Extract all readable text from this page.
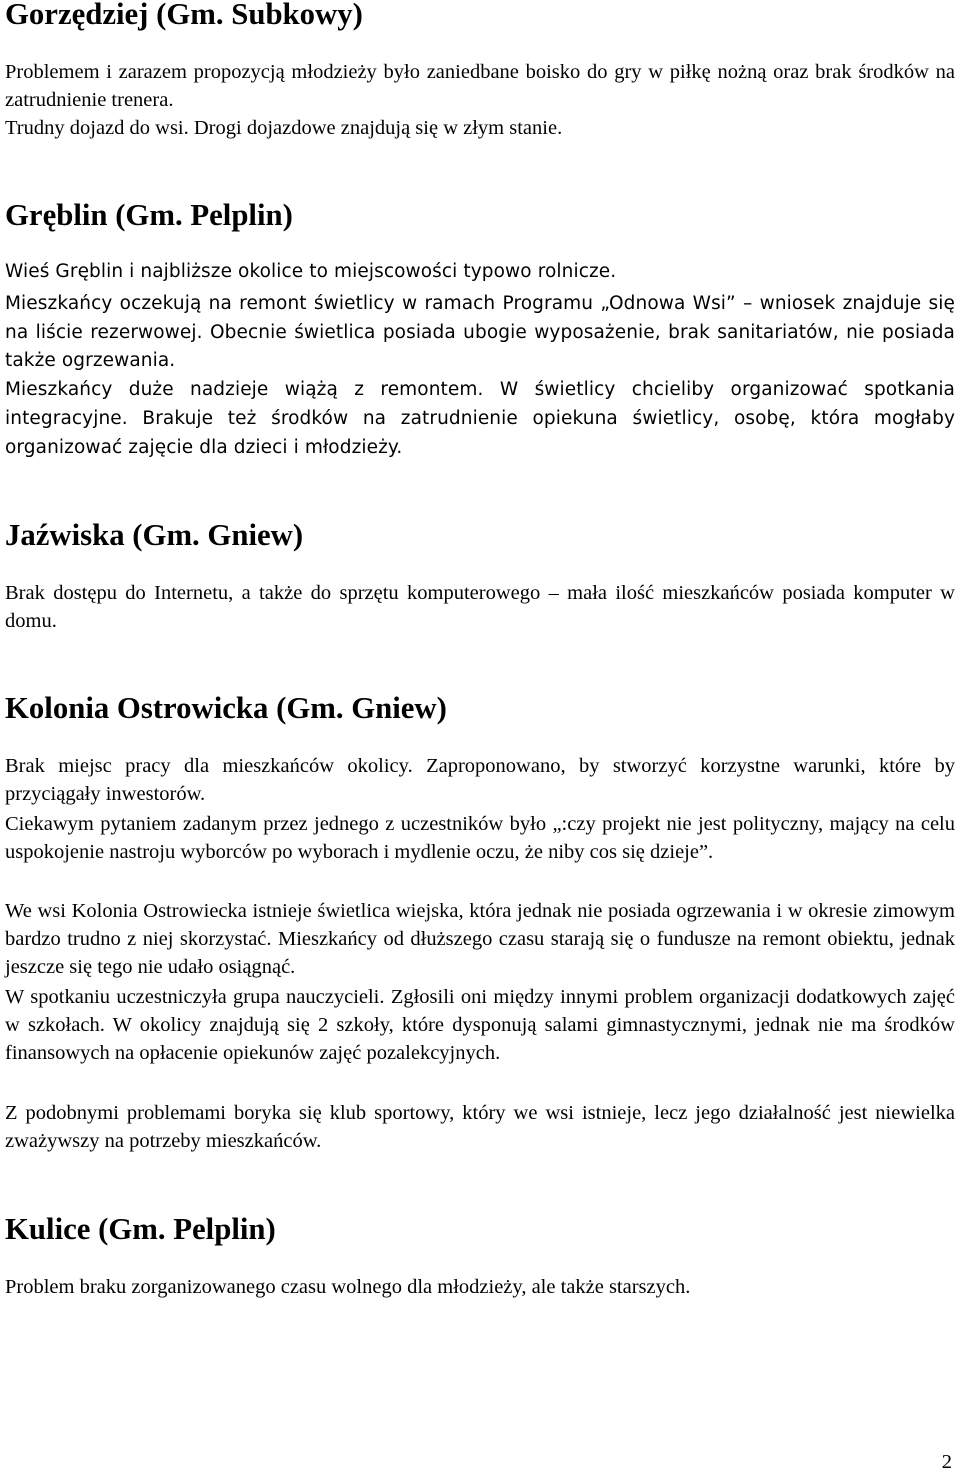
Gorzędziej (Gm. Subkowy)

Problemem i zarazem propozycją młodzieży było zaniedbane boisko do gry w piłkę nożną oraz brak środków na zatrudnienie trenera.

Trudny dojazd do wsi. Drogi dojazdowe znajdują się w złym stanie.

Gręblin (Gm. Pelplin)

Wieś Gręblin i najbliższe okolice to miejscowości typowo rolnicze.

Mieszkańcy oczekują na remont świetlicy w ramach Programu „Odnowa Wsi” – wniosek znajduje się na liście rezerwowej. Obecnie świetlica posiada ubogie wyposażenie, brak sanitariatów, nie posiada także ogrzewania.

Mieszkańcy duże nadzieje wiążą z remontem. W świetlicy chcieliby organizować spotkania integracyjne. Brakuje też środków na zatrudnienie opiekuna świetlicy, osobę, która mogłaby organizować zajęcie dla dzieci i młodzieży.

Jaźwiska (Gm. Gniew)

Brak dostępu do Internetu, a także do sprzętu komputerowego – mała ilość mieszkańców posiada komputer w domu.

Kolonia Ostrowicka (Gm. Gniew)

Brak miejsc pracy dla mieszkańców okolicy. Zaproponowano, by stworzyć korzystne warunki, które by przyciągały inwestorów.

Ciekawym pytaniem zadanym przez jednego z uczestników było „:czy projekt nie jest polityczny, mający na celu uspokojenie nastroju wyborców po wyborach i mydlenie oczu, że niby cos się dzieje”.

We wsi Kolonia Ostrowiecka istnieje świetlica wiejska, która jednak nie posiada ogrzewania i w okresie zimowym bardzo trudno z niej skorzystać. Mieszkańcy od dłuższego czasu starają się o fundusze na remont obiektu, jednak jeszcze się tego nie udało osiągnąć.

W spotkaniu uczestniczyła grupa nauczycieli. Zgłosili oni między innymi problem organizacji dodatkowych zajęć w szkołach. W okolicy znajdują się 2 szkoły, które dysponują salami gimnastycznymi, jednak nie ma środków finansowych na opłacenie opiekunów zajęć pozalekcyjnych.

Z podobnymi problemami boryka się klub sportowy, który we wsi istnieje, lecz jego działalność jest niewielka zważywszy na potrzeby mieszkańców.

Kulice (Gm. Pelplin)

Problem braku zorganizowanego czasu wolnego dla młodzieży, ale także starszych.

2
